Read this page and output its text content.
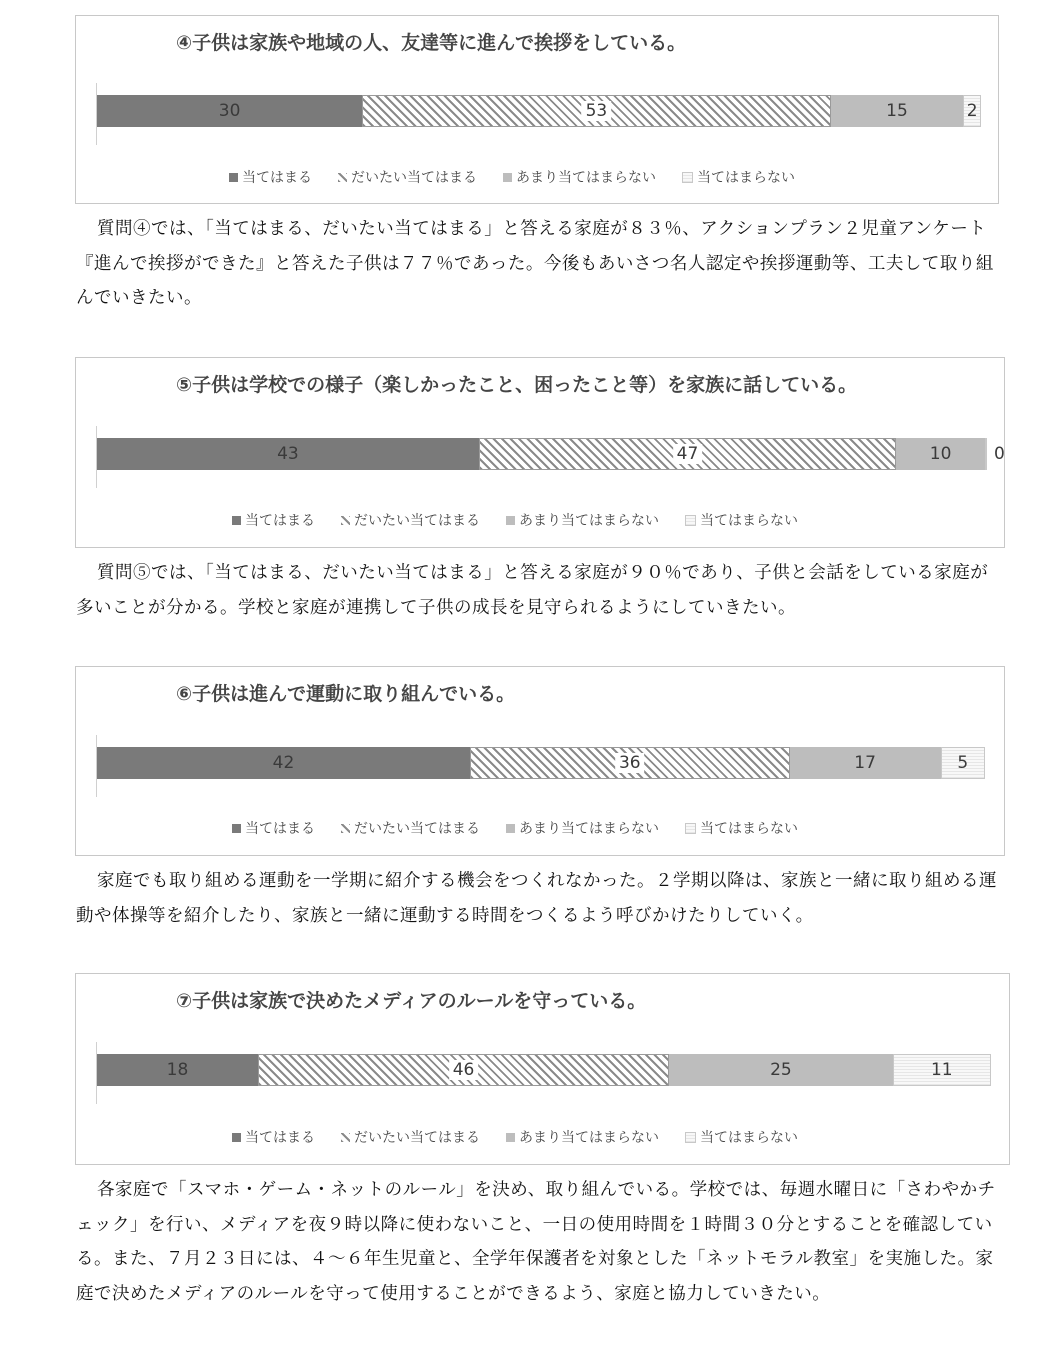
④子供は家族や地域の人、友達等に進んで挨拶をしている。
30	53	15	2
当てはまる	だいたい当てはまる	あまり当てはまらない	当てはまらない
質問④では、「当てはまる、だいたい当てはまる」と答える家庭が８３％、アクションプラン２児童アンケート『進んで挨拶ができた』と答えた子供は７７％であった。今後もあいさつ名人認定や挨拶運動等、工夫して取り組んでいきたい。
⑤子供は学校での様子（楽しかったこと、困ったこと等）を家族に話している。
43	47	10	0
当てはまる	だいたい当てはまる	あまり当てはまらない	当てはまらない
質問⑤では、「当てはまる、だいたい当てはまる」と答える家庭が９０％であり、子供と会話をしている家庭が多いことが分かる。学校と家庭が連携して子供の成長を見守られるようにしていきたい。
⑥子供は進んで運動に取り組んでいる。
42	36	17	5
当てはまる	だいたい当てはまる	あまり当てはまらない	当てはまらない
家庭でも取り組める運動を一学期に紹介する機会をつくれなかった。２学期以降は、家族と一緒に取り組める運動や体操等を紹介したり、家族と一緒に運動する時間をつくるよう呼びかけたりしていく。
⑦子供は家族で決めたメディアのルールを守っている。
18	46	25	11
当てはまる	だいたい当てはまる	あまり当てはまらない	当てはまらない
各家庭で「スマホ・ゲーム・ネットのルール」を決め、取り組んでいる。学校では、毎週水曜日に「さわやかチェック」を行い、メディアを夜９時以降に使わないこと、一日の使用時間を１時間３０分とすることを確認している。また、７月２３日には、４～６年生児童と、全学年保護者を対象とした「ネットモラル教室」を実施した。家庭で決めたメディアのルールを守って使用することができるよう、家庭と協力していきたい。
